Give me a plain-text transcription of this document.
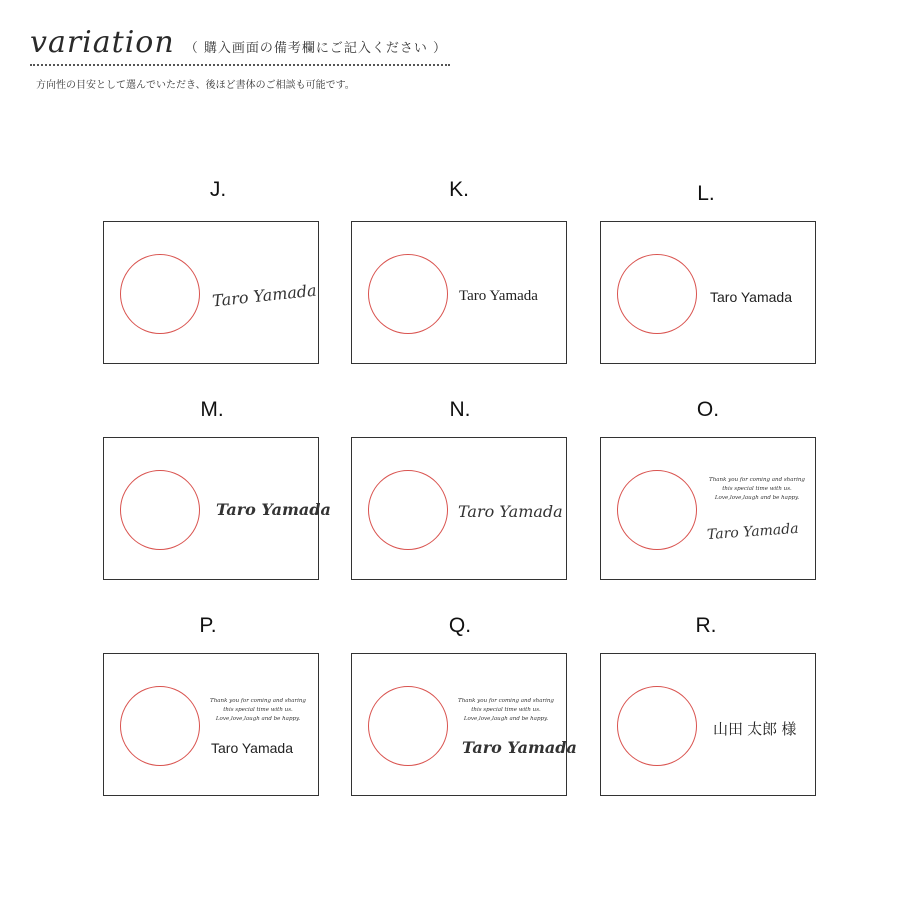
variation （ 購入画面の備考欄にご記入ください ）
方向性の目安として選んでいただき、後ほど書体のご相談も可能です。
J.
Taro Yamada
K.
Taro Yamada
L.
Taro Yamada
M.
Taro Yamada
N.
Taro Yamada
O.
Thank you for coming and sharing
this special time with us.
Love,love,laugh and be happy.
Taro Yamada
P.
Thank you for coming and sharing
this special time with us.
Love,love,laugh and be happy.
Taro Yamada
Q.
Thank you for coming and sharing
this special time with us.
Love,love,laugh and be happy.
Taro Yamada
R.
山田 太郎 様
